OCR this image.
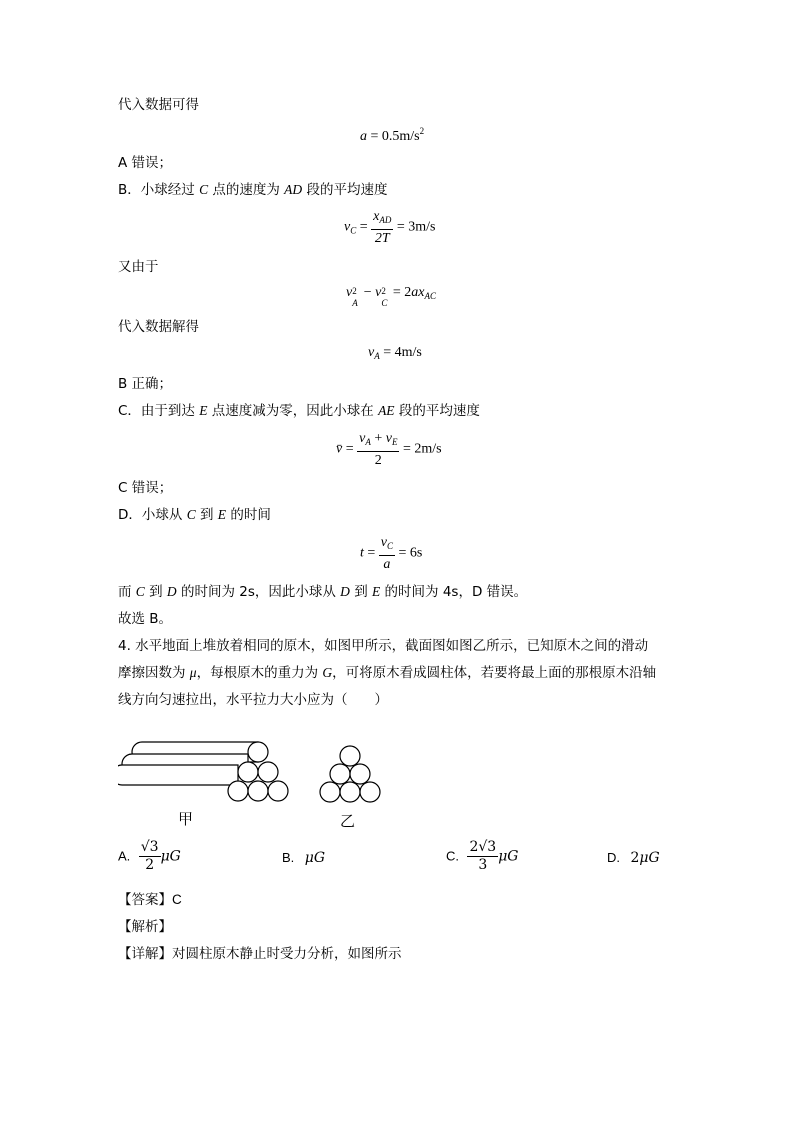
代入数据可得
$a = 0.5m/s^2$
A 错误；
B．小球经过 C 点的速度为 AD 段的平均速度
$v_C = \frac{x_{AD}}{2T} = 3m/s$
又由于
v 2
A
− v 2
C
= $2ax_{AC}$
代入数据解得
$v_A = 4m/s$
B 正确；
C．由于到达 E 点速度减为零，因此小球在 AE 段的平均速度
v̄ = $\frac{v_A + v_E}{2} = 2m/s$
C 错误；
D．小球从 C 到 E 的时间
$t = \frac{v_C}{a} = 6s$
而 C 到 D 的时间为 2s，因此小球从 D 到 E 的时间为 4s，D 错误。
故选 B。
4. 水平地面上堆放着相同的原木，如图甲所示，截面图如图乙所示，已知原木之间的滑动
摩擦因数为 μ，每根原木的重力为 G，可将原木看成圆柱体，若要将最上面的那根原木沿轴
线方向匀速拉出，水平拉力大小应为（　　）
甲	乙
A. $\frac{√3}{2}$ μG	B. μG	C. $\frac{2√3}{3}$ μG	D. 2μG
【答案】C
【解析】
【详解】对圆柱原木静止时受力分析，如图所示
